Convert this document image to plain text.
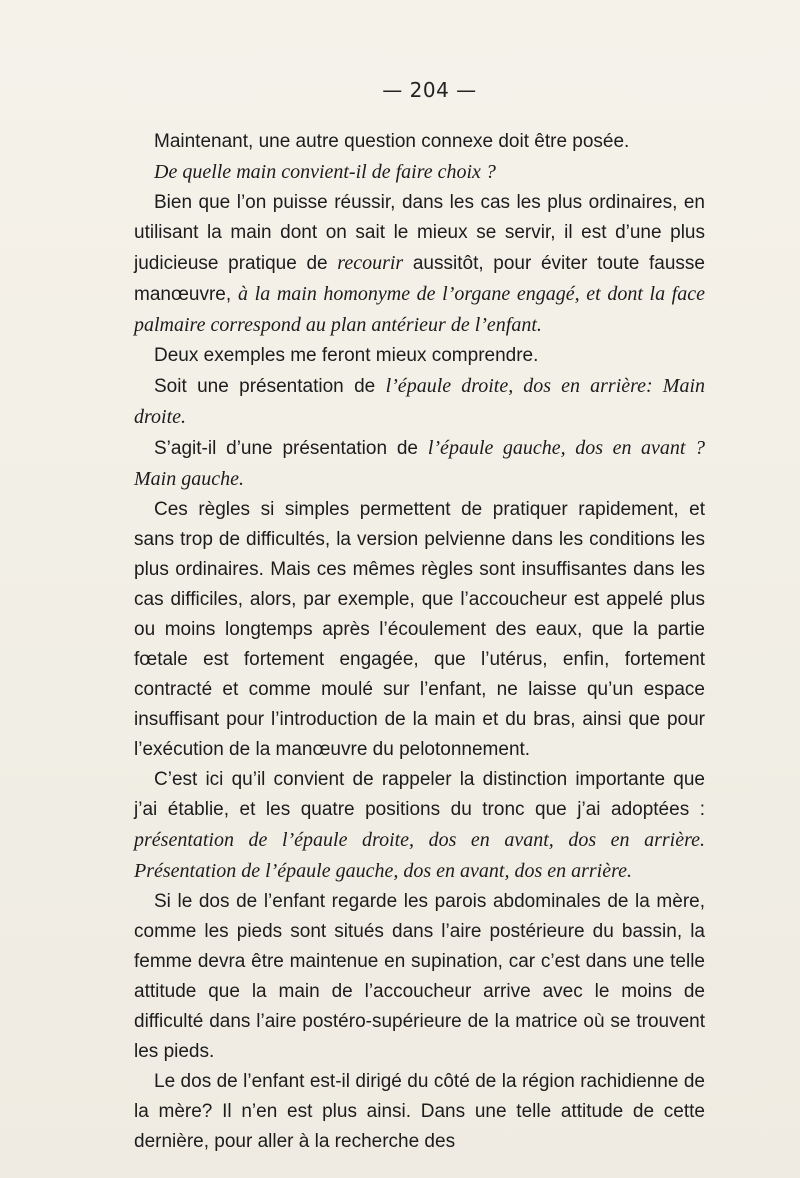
— 204 —

Maintenant, une autre question connexe doit être posée.

De quelle main convient-il de faire choix ?

Bien que l’on puisse réussir, dans les cas les plus ordinaires, en utilisant la main dont on sait le mieux se servir, il est d’une plus judicieuse pratique de recourir aussitôt, pour éviter toute fausse manœuvre, à la main homonyme de l’organe engagé, et dont la face palmaire correspond au plan antérieur de l’enfant.

Deux exemples me feront mieux comprendre.

Soit une présentation de l’épaule droite, dos en arrière: Main droite.

S’agit-il d’une présentation de l’épaule gauche, dos en avant ? Main gauche.

Ces règles si simples permettent de pratiquer rapidement, et sans trop de difficultés, la version pelvienne dans les conditions les plus ordinaires. Mais ces mêmes règles sont insuffisantes dans les cas difficiles, alors, par exemple, que l’accoucheur est appelé plus ou moins longtemps après l’écoulement des eaux, que la partie fœtale est fortement engagée, que l’utérus, enfin, fortement contracté et comme moulé sur l’enfant, ne laisse qu’un espace insuffisant pour l’introduction de la main et du bras, ainsi que pour l’exécution de la manœuvre du pelotonnement.

C’est ici qu’il convient de rappeler la distinction importante que j’ai établie, et les quatre positions du tronc que j’ai adoptées : présentation de l’épaule droite, dos en avant, dos en arrière. Présentation de l’épaule gauche, dos en avant, dos en arrière.

Si le dos de l’enfant regarde les parois abdominales de la mère, comme les pieds sont situés dans l’aire postérieure du bassin, la femme devra être maintenue en supination, car c’est dans une telle attitude que la main de l’accoucheur arrive avec le moins de difficulté dans l’aire postéro-supérieure de la matrice où se trouvent les pieds.

Le dos de l’enfant est-il dirigé du côté de la région rachidienne de la mère? Il n’en est plus ainsi. Dans une telle attitude de cette dernière, pour aller à la recherche des
